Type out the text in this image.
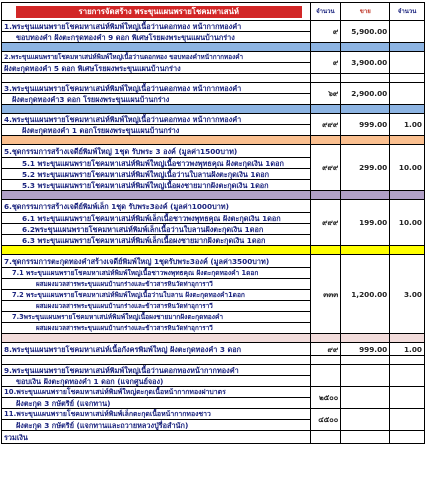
รายการจัดสร้าง พระขุนแผนพรายโชคมหาเสน่ห์	จำนวน	ขาย	จำนวน
1.พระขุนแผนพรายโชคมหาเสน่ห์พิมพ์ใหญ่เนื้อว่านดอกทอง หน้ากากทองคำ	๙	5,900.00	
ขอบทองคำ ฝังตะกรุดทองคำ 9 ดอก พิเศษโรยผงพระขุนแผนบ้านกร่าง			

2.พระขุนแผนพรายโชคมหาเสน่ห์พิมพ์ใหญ่เนื้อว่านดอกทอง ขอบทองคำหน้ากากทองคำ	๙	3,900.00	
ฝังตะกุดทองคำ 5 ดอก พิเศษโรยผงพระขุนแผนบ้านกร่าง			

3.พระขุนแผนพรายโชคมหาเสน่ห์พิมพ์ใหญ่เนื้อว่านดอกทอง หน้ากากทองคำ	๖๙	2,900.00	
ฝังตะกุดทองคำ3 ดอก โรยผงพระขุนแผนบ้านกร่าง			

4.พระขุนแผนพรายโชคมหาเสน่ห์พิมพ์ใหญ่เนื้อว่านดอกทอง หน้ากากทองคำ	๙๙๙	999.00	1.00
ฝังตะกุดทองคำ 1 ดอกโรยผงพระขุนแผนบ้านกร่าง			

5.ชุดกรรมการสร้างเจดีย์พิมพ์ใหญ่ 1ชุด รับพระ 3 องค์ (มูลค่า1500บาท)	๙๙๙	299.00	10.00
5.1 พระขุนแผนพรายโชคมหาเสน่ห์พิมพ์ใหญ่เนื้อชาวพงพุทธคุณ ฝังตะกุดเงิน 1ดอก			
5.2 พระขุนแผนพรายโชคมหาเสน่ห์พิมพ์ใหญ่เนื้อว่านใบลานฝังตะกุดเงิน 1ดอก			
5.3 พระขุนแผนพรายโชคมหาเสน่ห์พิมพ์ใหญ่เนื้อผงชายมากฝังตะกุดเงิน 1ดอก			

6.ชุดกรรมการสร้างเจดีย์พิมพ์เล็ก 1ชุด รับพระ3องค์ (มูลค่า1000บาท)	๙๙๙	199.00	10.00
6.1 พระขุนแผนพรายโชคมหาเสน่ห์พิมพ์เล็กเนื้อชาวพงพุทธคุณ ฝังตะกุดเงิน 1ดอก			
6.2พระขุนแผนพรายโชคมหาเสน่ห์พิมพ์เล็กเนื้อว่านใบลานฝังตะกุดเงิน 1ดอก			
6.3 พระขุนแผนพรายโชคมหาเสน่ห์พิมพ์เล็กเนื้อผงชายมากฝังตะกุดเงิน 1ดอก			

7.ชุดกรรมการตะกุดทองคำสร้างเจดีย์พิมพ์ใหญ่ 1ชุดรับพระ3องค์ (มูลค่า3500บาท)	๓๓๓	1,200.00	3.00
7.1 พระขุนแผนพรายโชคมหาเสน่ห์พิมพ์ใหญ่เนื้อชาวพงพุทธคุณ ฝังตะกุดทองคำ 1ดอก			
ผสมผงมวลสารพระขุนแผนบ้านกร่างและข้าวสารหินวัดท่าอุการาวี			
7.2 พระขุนแผนพรายโชคมหาเสน่ห์พิมพ์ใหญ่เนื้อว่านใบลาน ฝังตะกุดทองคำ1ดอก			
ผสมผงมวลสารพระขุนแผนบ้านกร่างและข้าวสารหินวัดท่าอุการาวี			
7.3พระขุนแผนพรายโชคมหาเสน่ห์พิมพ์ใหญ่เนื้อผงชายมากฝังตะกุดทองคำ			
ผสมผงมวลสารพระขุนแผนบ้านกร่างและข้าวสารหินวัดท่าอุการาวี			

8.พระขุนแผนพรายโชคมหาเสน่ห์เนื้อกังครพิมพ์ใหญ่ ฝังตะกุดทองคำ 3 ดอก	๙๙	999.00	1.00

9.พระขุนแผนพรายโชคมหาเสน่ห์พิมพ์ใหญ่เนื้อว่านดอกทองหน้ากากทองคำ			
ขอบเงิน ฝังตะกุดทองคำ 1 ดอก (แจกศูนย์จอง)			
10.พระขุนแผนพรายโชคมหาเสน่ห์พิมพ์ใหญ่ตะกุดเนื้อหน้ากากทองฝาบาตร	๒๕๐๐		
ฝังตะกุด 3 กษัตริย์ (แจกทาน)			
11.พระขุนแผนพรายโชคมหาเสน่ห์พิมพ์เล็กตะกุดเนื้อหน้ากากทองชาว	๔๕๐๐		
ฝังตะกุด 3 กษัตริย์ (แจกทานและถวายหลวงปู่รื่อสำนัก)			
รวมเงิน			
